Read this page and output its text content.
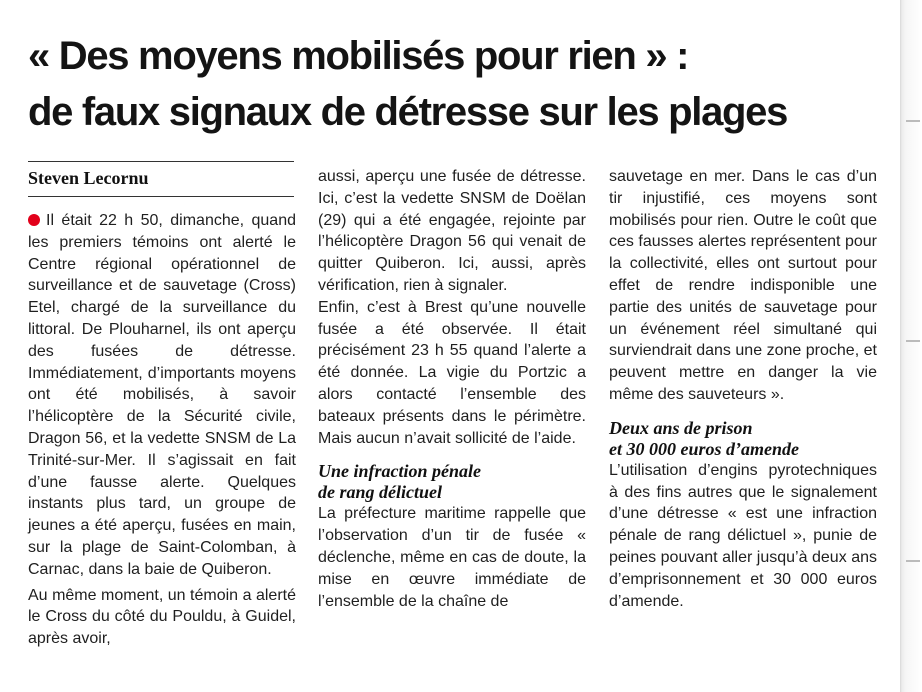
« Des moyens mobilisés pour rien » :
de faux signaux de détresse sur les plages
Steven Lecornu

Il était 22 h 50, dimanche, quand les premiers témoins ont alerté le Centre régional opérationnel de surveillance et de sauvetage (Cross) Etel, chargé de la surveillance du littoral. De Plouharnel, ils ont aperçu des fusées de détresse. Immédiatement, d’importants moyens ont été mobilisés, à savoir l’hélicoptère de la Sécurité civile, Dragon 56, et la vedette SNSM de La Trinité-sur-Mer. Il s’agissait en fait d’une fausse alerte. Quelques instants plus tard, un groupe de jeunes a été aperçu, fusées en main, sur la plage de Saint-Colomban, à Carnac, dans la baie de Quiberon.

Au même moment, un témoin a alerté le Cross du côté du Pouldu, à Guidel, après avoir,

aussi, aperçu une fusée de détresse. Ici, c’est la vedette SNSM de Doëlan (29) qui a été engagée, rejointe par l’hélicoptère Dragon 56 qui venait de quitter Quiberon. Ici, aussi, après vérification, rien à signaler.

Enfin, c’est à Brest qu’une nouvelle fusée a été observée. Il était précisément 23 h 55 quand l’alerte a été donnée. La vigie du Portzic a alors contacté l’ensemble des bateaux présents dans le périmètre. Mais aucun n’avait sollicité de l’aide.

Une infraction pénale

de rang délictuel

La préfecture maritime rappelle que l’observation d’un tir de fusée « déclenche, même en cas de doute, la mise en œuvre immédiate de l’ensemble de la chaîne de

sauvetage en mer. Dans le cas d’un tir injustifié, ces moyens sont mobilisés pour rien. Outre le coût que ces fausses alertes représentent pour la collectivité, elles ont surtout pour effet de rendre indisponible une partie des unités de sauvetage pour un événement réel simultané qui surviendrait dans une zone proche, et peuvent mettre en danger la vie même des sauveteurs ».

Deux ans de prison

et 30 000 euros d’amende

L’utilisation d’engins pyrotechniques à des fins autres que le signalement d’une détresse « est une infraction pénale de rang délictuel », punie de peines pouvant aller jusqu’à deux ans d’emprisonnement et 30 000 euros d’amende.
